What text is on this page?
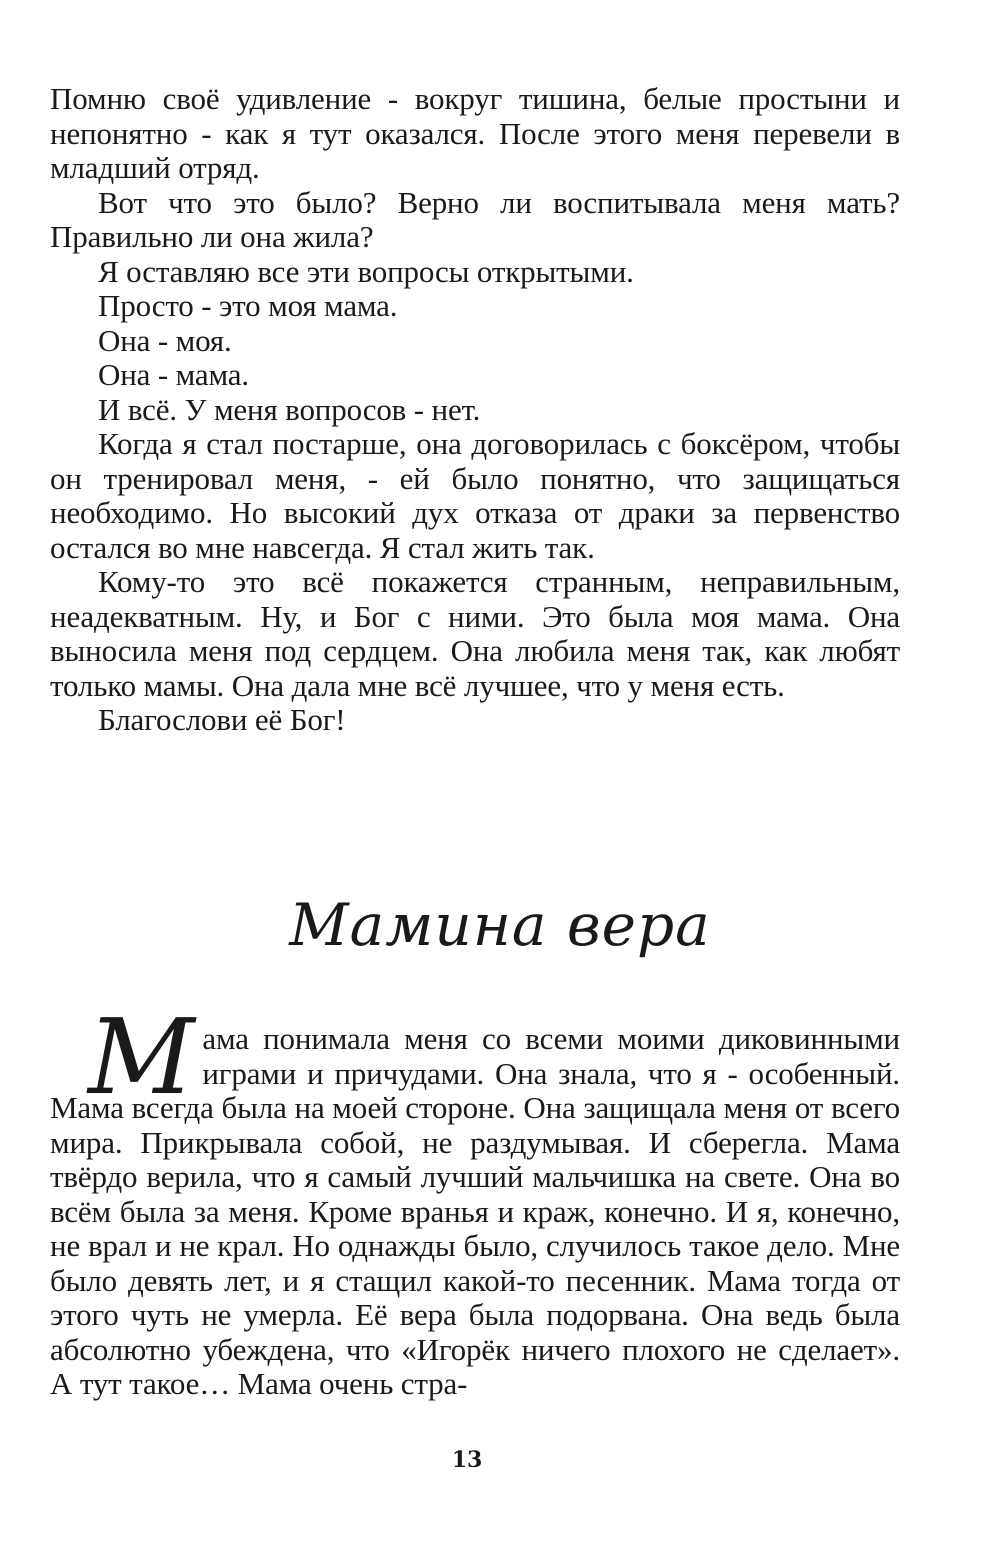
Помню своё удивление - вокруг тишина, белые простыни и непонятно - как я тут оказался. После этого меня перевели в младший отряд.

Вот что это было? Верно ли воспитывала меня мать? Правильно ли она жила?

Я оставляю все эти вопросы открытыми.

Просто - это моя мама.

Она - моя.

Она - мама.

И всё. У меня вопросов - нет.

Когда я стал постарше, она договорилась с боксёром, чтобы он тренировал меня, - ей было понятно, что защищаться необходимо. Но высокий дух отказа от драки за первенство остался во мне навсегда. Я стал жить так.

Кому-то это всё покажется странным, неправильным, неадекватным. Ну, и Бог с ними. Это была моя мама. Она выносила меня под сердцем. Она любила меня так, как любят только мамы. Она дала мне всё лучшее, что у меня есть.

Благослови её Бог!

Мамина вера

Мама понимала меня со всеми моими диковинными играми и причудами. Она знала, что я - особенный. Мама всегда была на моей стороне. Она защищала меня от всего мира. Прикрывала собой, не раздумывая. И сберегла. Мама твёрдо верила, что я самый лучший мальчишка на свете. Она во всём была за меня. Кроме вранья и краж, конечно. И я, конечно, не врал и не крал. Но однажды было, случилось такое дело. Мне было девять лет, и я стащил какой-то песенник. Мама тогда от этого чуть не умерла. Её вера была подорвана. Она ведь была абсолютно убеждена, что «Игорёк ничего плохого не сделает». А тут такое… Мама очень стра-

13
